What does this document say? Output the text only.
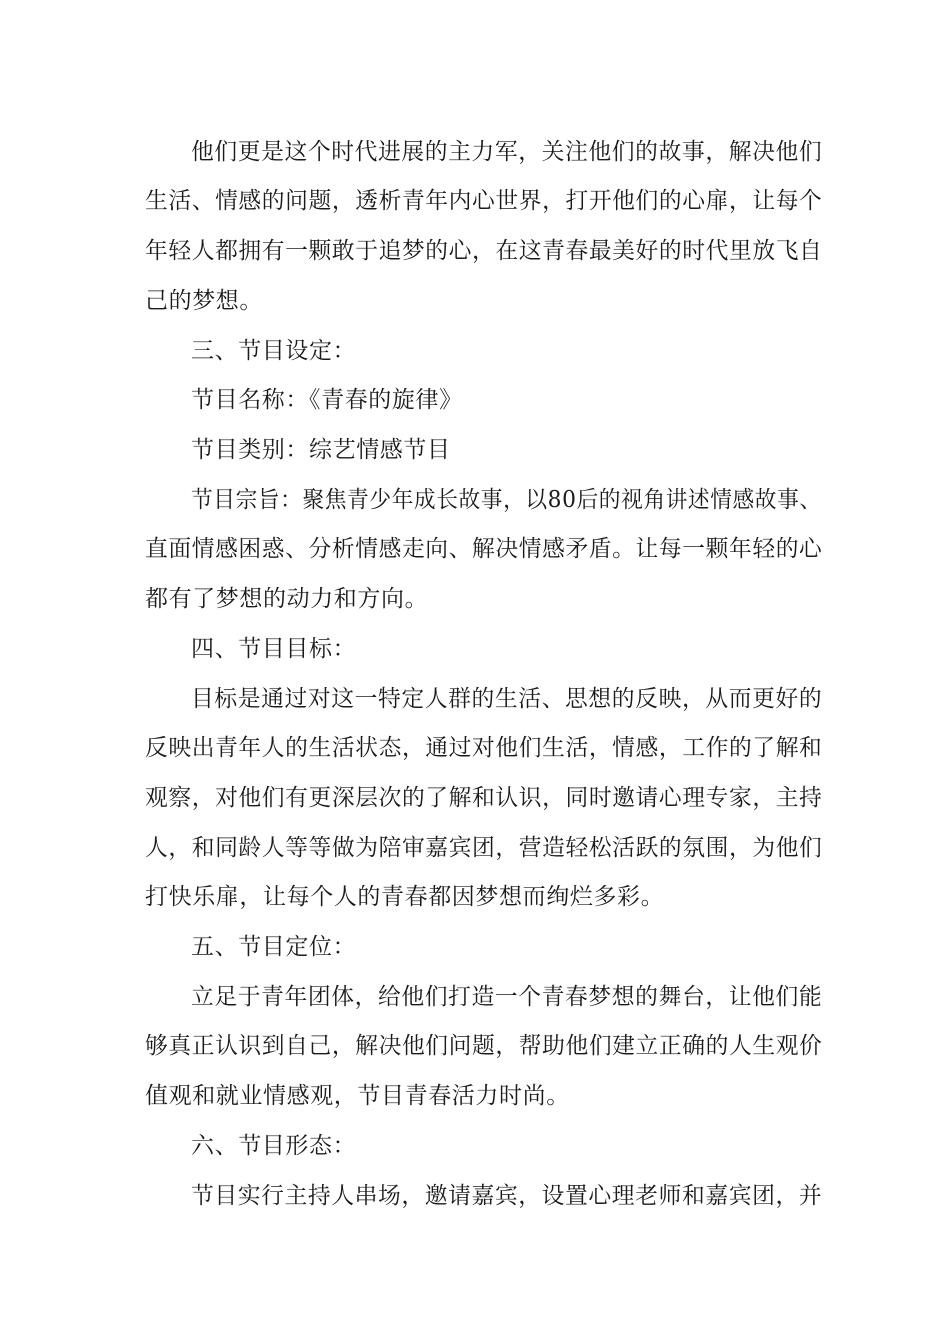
他们更是这个时代进展的主力军，关注他们的故事，解决他们
生活、情感的问题，透析青年内心世界，打开他们的心扉，让每个
年轻人都拥有一颗敢于追梦的心，在这青春最美好的时代里放飞自
己的梦想。
三、节目设定：
节目名称：《青春的旋律》
节目类别：综艺情感节目
节目宗旨：聚焦青少年成长故事，以80后的视角讲述情感故事、
直面情感困惑、分析情感走向、解决情感矛盾。让每一颗年轻的心
都有了梦想的动力和方向。
四、节目目标：
目标是通过对这一特定人群的生活、思想的反映，从而更好的
反映出青年人的生活状态，通过对他们生活，情感，工作的了解和
观察，对他们有更深层次的了解和认识，同时邀请心理专家，主持
人，和同龄人等等做为陪审嘉宾团，营造轻松活跃的氛围，为他们
打快乐扉，让每个人的青春都因梦想而绚烂多彩。
五、节目定位：
立足于青年团体，给他们打造一个青春梦想的舞台，让他们能
够真正认识到自己，解决他们问题，帮助他们建立正确的人生观价
值观和就业情感观，节目青春活力时尚。
六、节目形态：
节目实行主持人串场，邀请嘉宾，设置心理老师和嘉宾团，并
